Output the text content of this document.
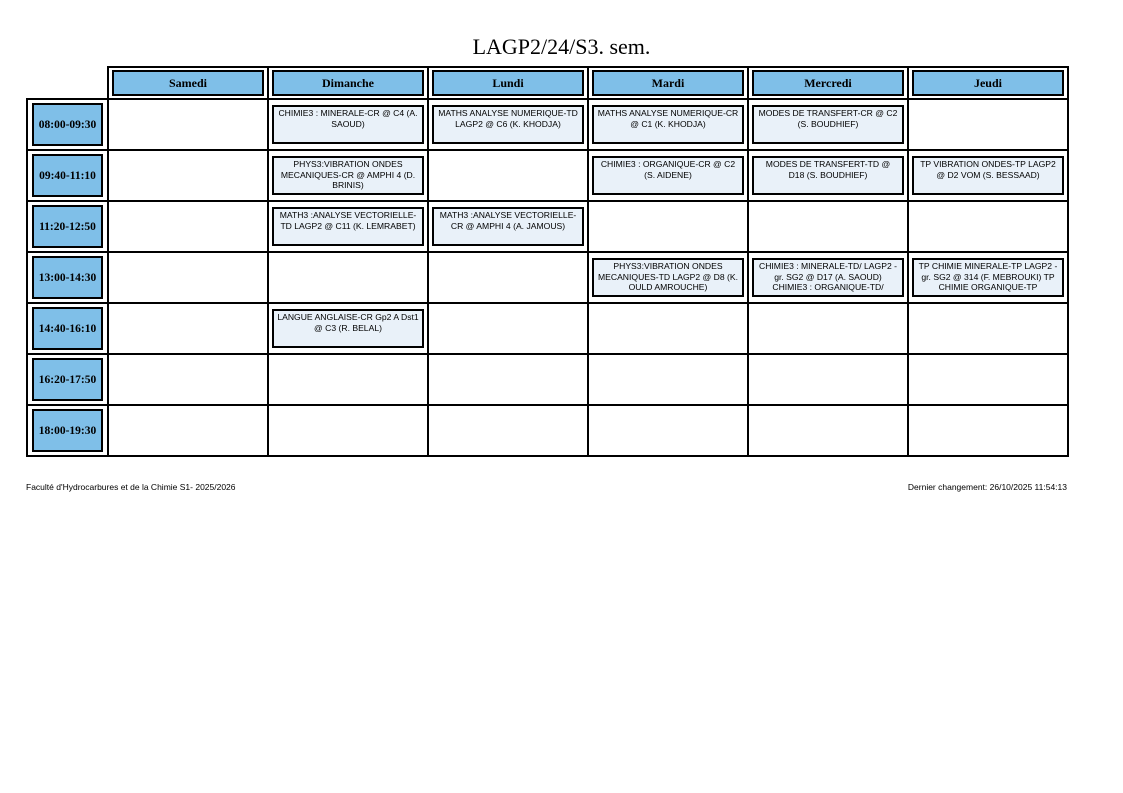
LAGP2/24/S3. sem.

	Samedi	Dimanche	Lundi	Mardi	Mercredi	Jeudi

08:00-09:30		CHIMIE3 : MINERALE-CR @ C4 (A. SAOUD)	MATHS ANALYSE NUMERIQUE-TD LAGP2 @ C6 (K. KHODJA)	MATHS ANALYSE NUMERIQUE-CR @ C1 (K. KHODJA)	MODES DE TRANSFERT-CR @ C2 (S. BOUDHIEF)	

09:40-11:10		PHYS3:VIBRATION ONDES MECANIQUES-CR @ AMPHI 4 (D. BRINIS)		CHIMIE3 : ORGANIQUE-CR @ C2 (S. AIDENE)	MODES DE TRANSFERT-TD @ D18 (S. BOUDHIEF)	TP VIBRATION ONDES-TP LAGP2 @ D2 VOM (S. BESSAAD)

11:20-12:50		MATH3 :ANALYSE VECTORIELLE-TD LAGP2 @ C11 (K. LEMRABET)	MATH3 :ANALYSE VECTORIELLE-CR @ AMPHI 4 (A. JAMOUS)			

13:00-14:30				PHYS3:VIBRATION ONDES MECANIQUES-TD LAGP2 @ D8 (K. OULD AMROUCHE)	CHIMIE3 : MINERALE-TD/ LAGP2 - gr. SG2 @ D17 (A. SAOUD) CHIMIE3 : ORGANIQUE-TD/	TP CHIMIE MINERALE-TP LAGP2 - gr. SG2 @ 314 (F. MEBROUKI) TP CHIMIE ORGANIQUE-TP

14:40-16:10		LANGUE ANGLAISE-CR Gp2 A Dst1 @ C3 (R. BELAL)				

16:20-17:50						

18:00-19:30						

Faculté d'Hydrocarbures et de la Chimie S1- 2025/2026	Dernier changement: 26/10/2025 11:54:13
